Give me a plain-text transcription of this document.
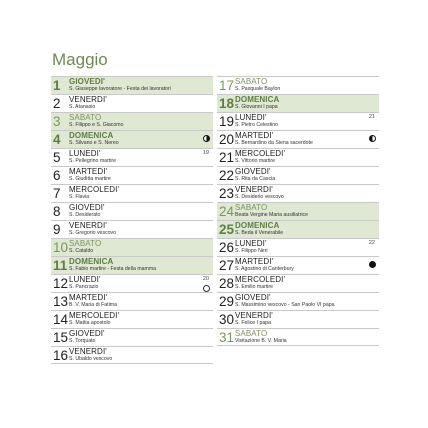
Maggio
1	GIOVEDI'
S. Giuseppe lavoratore - Festa dei lavoratori
2	VENERDI'
S. Atanasio
3	SABATO
S. Filippo e S. Giacomo
4	DOMENICA
S. Silvano e S. Nereo
5	LUNEDI'
S. Pellegrino martire
19
6	MARTEDI'
S. Giuditta martire
7	MERCOLEDI'
S. Flavia
8	GIOVEDI'
S. Desiderato
9	VENERDI'
S. Gregorio vescovo
10 SABATO
S. Cataldo
11 DOMENICA
S. Fabio martire - Festa della mamma
12 LUNEDI'
S. Pancrazio
20
13 MARTEDI'
B. V. Maria di Fatima
14 MERCOLEDI'
S. Mattia apostolo
15 GIOVEDI'
S. Torquato
16 VENERDI'
S. Ubaldo vescovo
17 SABATO
S. Pasquale Baylon
18 DOMENICA
S. Giovanni I papa
19 LUNEDI'
S. Pietro Celestino
21
20 MARTEDI'
S. Bernardino da Siena sacerdote
21 MERCOLEDI'
S. Vittorio martire
22 GIOVEDI'
S. Rita da Cascia
23 VENERDI'
S. Desiderio vescovo
24 SABATO
Beata Vergine Maria ausiliatrice
25 DOMENICA
S. Beda il Venerabile
26 LUNEDI'
S. Filippo Neri
22
27 MARTEDI'
S. Agostino di Canterbury
28 MERCOLEDI'
S. Emilio martire
29 GIOVEDI'
S. Massimino vescovo - San Paolo VI papa
30 VENERDI'
S. Felice I papa
31 SABATO
Visitazione B. V. Maria
